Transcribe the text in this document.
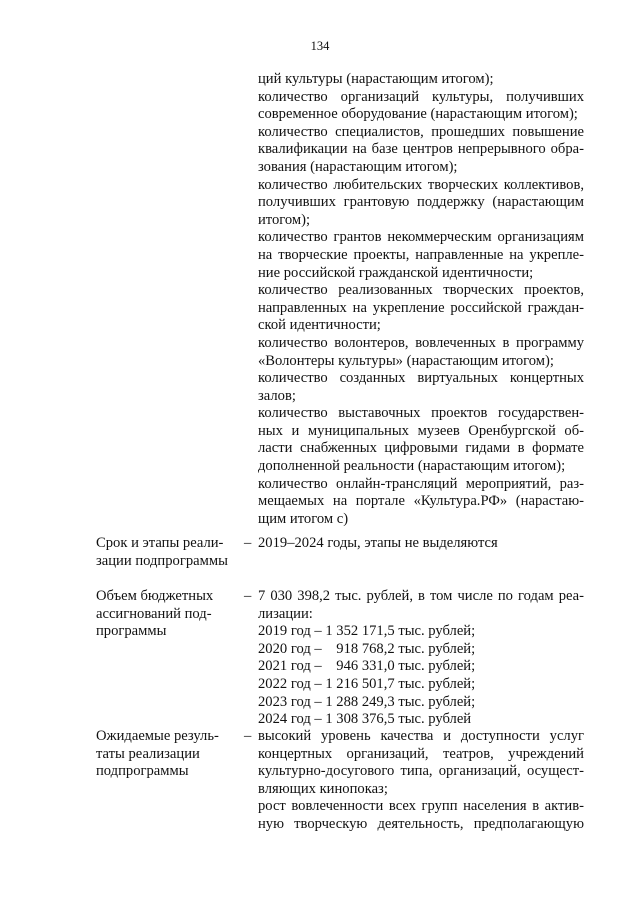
134
ций культуры (нарастающим итогом);
количество организаций культуры, получивших
современное оборудование (нарастающим итогом);
количество специалистов, прошедших повышение
квалификации на базе центров непрерывного обра-
зования (нарастающим итогом);
количество любительских творческих коллективов,
получивших грантовую поддержку (нарастающим
итогом);
количество грантов некоммерческим организациям
на творческие проекты, направленные на укрепле-
ние российской гражданской идентичности;
количество реализованных творческих проектов,
направленных на укрепление российской граждан-
ской идентичности;
количество волонтеров, вовлеченных в программу
«Волонтеры культуры» (нарастающим итогом);
количество созданных виртуальных концертных
залов;
количество выставочных проектов государствен-
ных и муниципальных музеев Оренбургской об-
ласти снабженных цифровыми гидами в формате
дополненной реальности (нарастающим итогом);
количество онлайн-трансляций мероприятий, раз-
мещаемых на портале «Культура.РФ» (нарастаю-
щим итогом с)
Срок и этапы реали-
зации подпрограммы
– 2019–2024 годы, этапы не выделяются
Объем бюджетных
ассигнований под-
программы
– 7 030 398,2 тыс. рублей, в том числе по годам реа-
лизации:
2019 год – 1 352 171,5 тыс. рублей;
2020 год –    918 768,2 тыс. рублей;
2021 год –    946 331,0 тыс. рублей;
2022 год – 1 216 501,7 тыс. рублей;
2023 год – 1 288 249,3 тыс. рублей;
2024 год – 1 308 376,5 тыс. рублей
Ожидаемые резуль-
таты реализации
подпрограммы
– высокий уровень качества и доступности услуг
концертных организаций, театров, учреждений
культурно-досугового типа, организаций, осущест-
вляющих кинопоказ;
рост вовлеченности всех групп населения в актив-
ную творческую деятельность, предполагающую
